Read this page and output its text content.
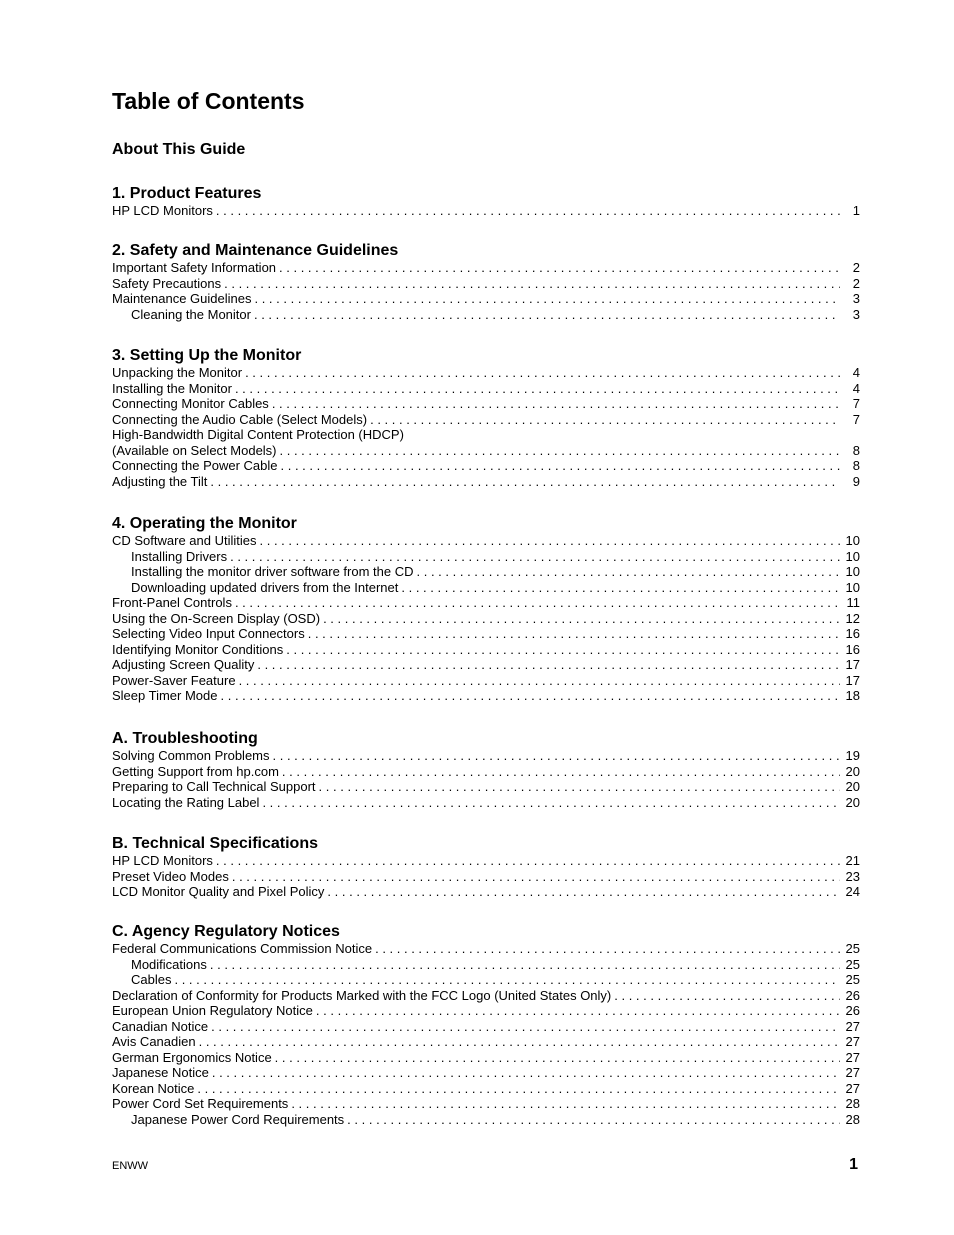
Table of Contents
About This Guide
1. Product Features
HP LCD Monitors . . .	1
2. Safety and Maintenance Guidelines
Important Safety Information . . .	2
Safety Precautions . . .	2
Maintenance Guidelines . . .	3
Cleaning the Monitor . . .	3
3. Setting Up the Monitor
Unpacking the Monitor . . .	4
Installing the Monitor . . .	4
Connecting Monitor Cables . . .	7
Connecting the Audio Cable (Select Models) . . .	7
High-Bandwidth Digital Content Protection (HDCP)
(Available on Select Models) . . .	8
Connecting the Power Cable . . .	8
Adjusting the Tilt . . .	9
4. Operating the Monitor
CD Software and Utilities . . .	10
Installing Drivers . . .	10
Installing the monitor driver software from the CD . . .	10
Downloading updated drivers from the Internet . . .	10
Front-Panel Controls . . .	11
Using the On-Screen Display (OSD) . . .	12
Selecting Video Input Connectors . . .	16
Identifying Monitor Conditions . . .	16
Adjusting Screen Quality . . .	17
Power-Saver Feature . . .	17
Sleep Timer Mode . . .	18
A. Troubleshooting
Solving Common Problems . . .	19
Getting Support from hp.com . . .	20
Preparing to Call Technical Support . . .	20
Locating the Rating Label . . .	20
B. Technical Specifications
HP LCD Monitors . . .	21
Preset Video Modes . . .	23
LCD Monitor Quality and Pixel Policy . . .	24
C. Agency Regulatory Notices
Federal Communications Commission Notice . . .	25
Modifications . . .	25
Cables . . .	25
Declaration of Conformity for Products Marked with the FCC Logo (United States Only) . . .	26
European Union Regulatory Notice . . .	26
Canadian Notice . . .	27
Avis Canadien . . .	27
German Ergonomics Notice . . .	27
Japanese Notice . . .	27
Korean Notice . . .	27
Power Cord Set Requirements . . .	28
Japanese Power Cord Requirements . . .	28
ENWW	1
